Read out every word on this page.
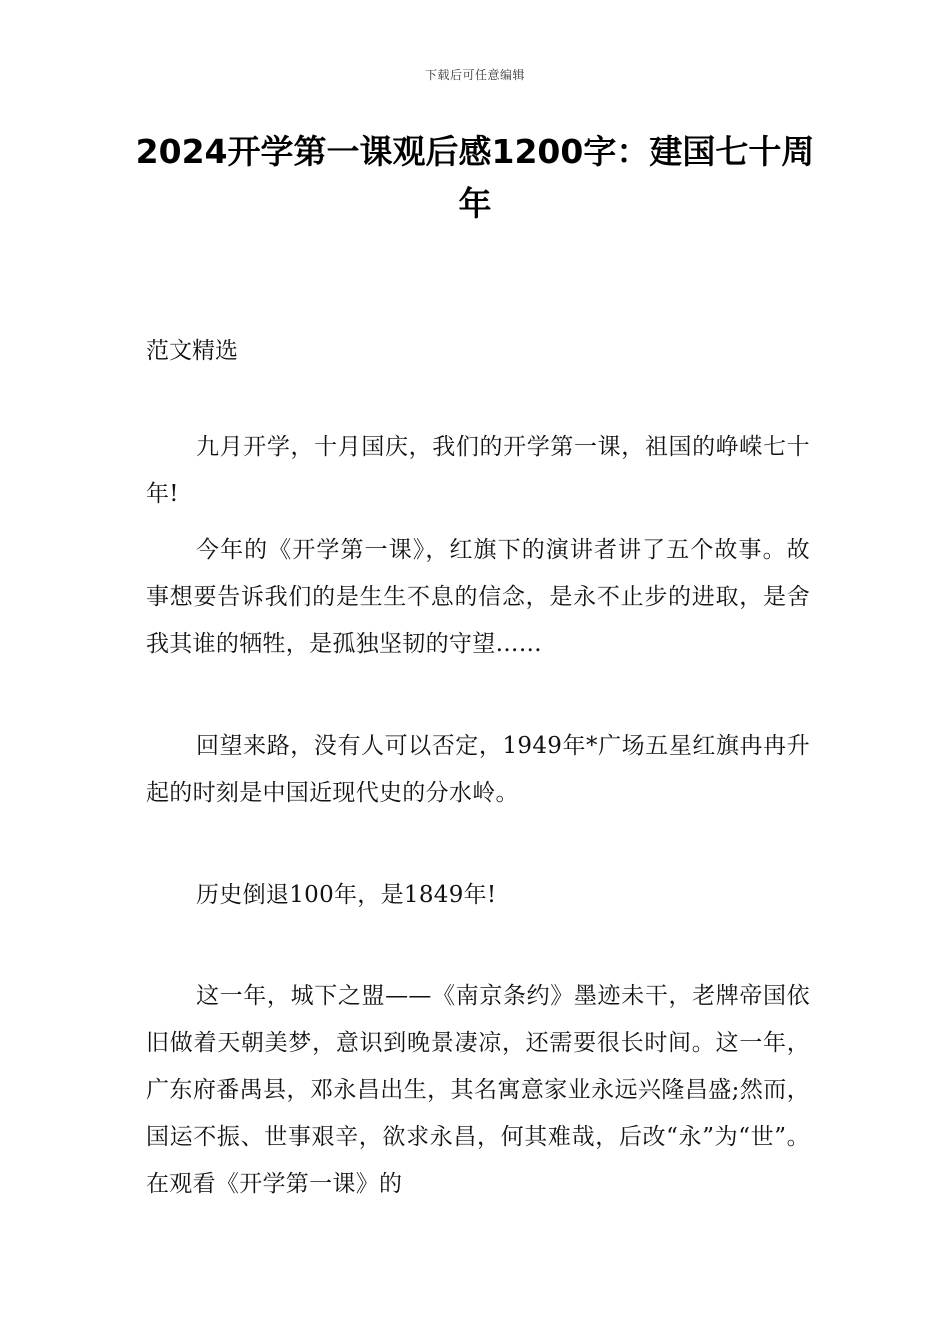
下载后可任意编辑
2024开学第一课观后感1200字：建国七十周年

范文精选

九月开学，十月国庆，我们的开学第一课，祖国的峥嵘七十年!

今年的《开学第一课》，红旗下的演讲者讲了五个故事。故事想要告诉我们的是生生不息的信念，是永不止步的进取，是舍我其谁的牺牲，是孤独坚韧的守望……

回望来路，没有人可以否定，1949年*广场五星红旗冉冉升起的时刻是中国近现代史的分水岭。

历史倒退100年，是1849年!

这一年，城下之盟——《南京条约》墨迹未干，老牌帝国依旧做着天朝美梦，意识到晚景凄凉，还需要很长时间。这一年，广东府番禺县，邓永昌出生，其名寓意家业永远兴隆昌盛;然而，国运不振、世事艰辛，欲求永昌，何其难哉，后改“永”为“世”。在观看《开学第一课》的
